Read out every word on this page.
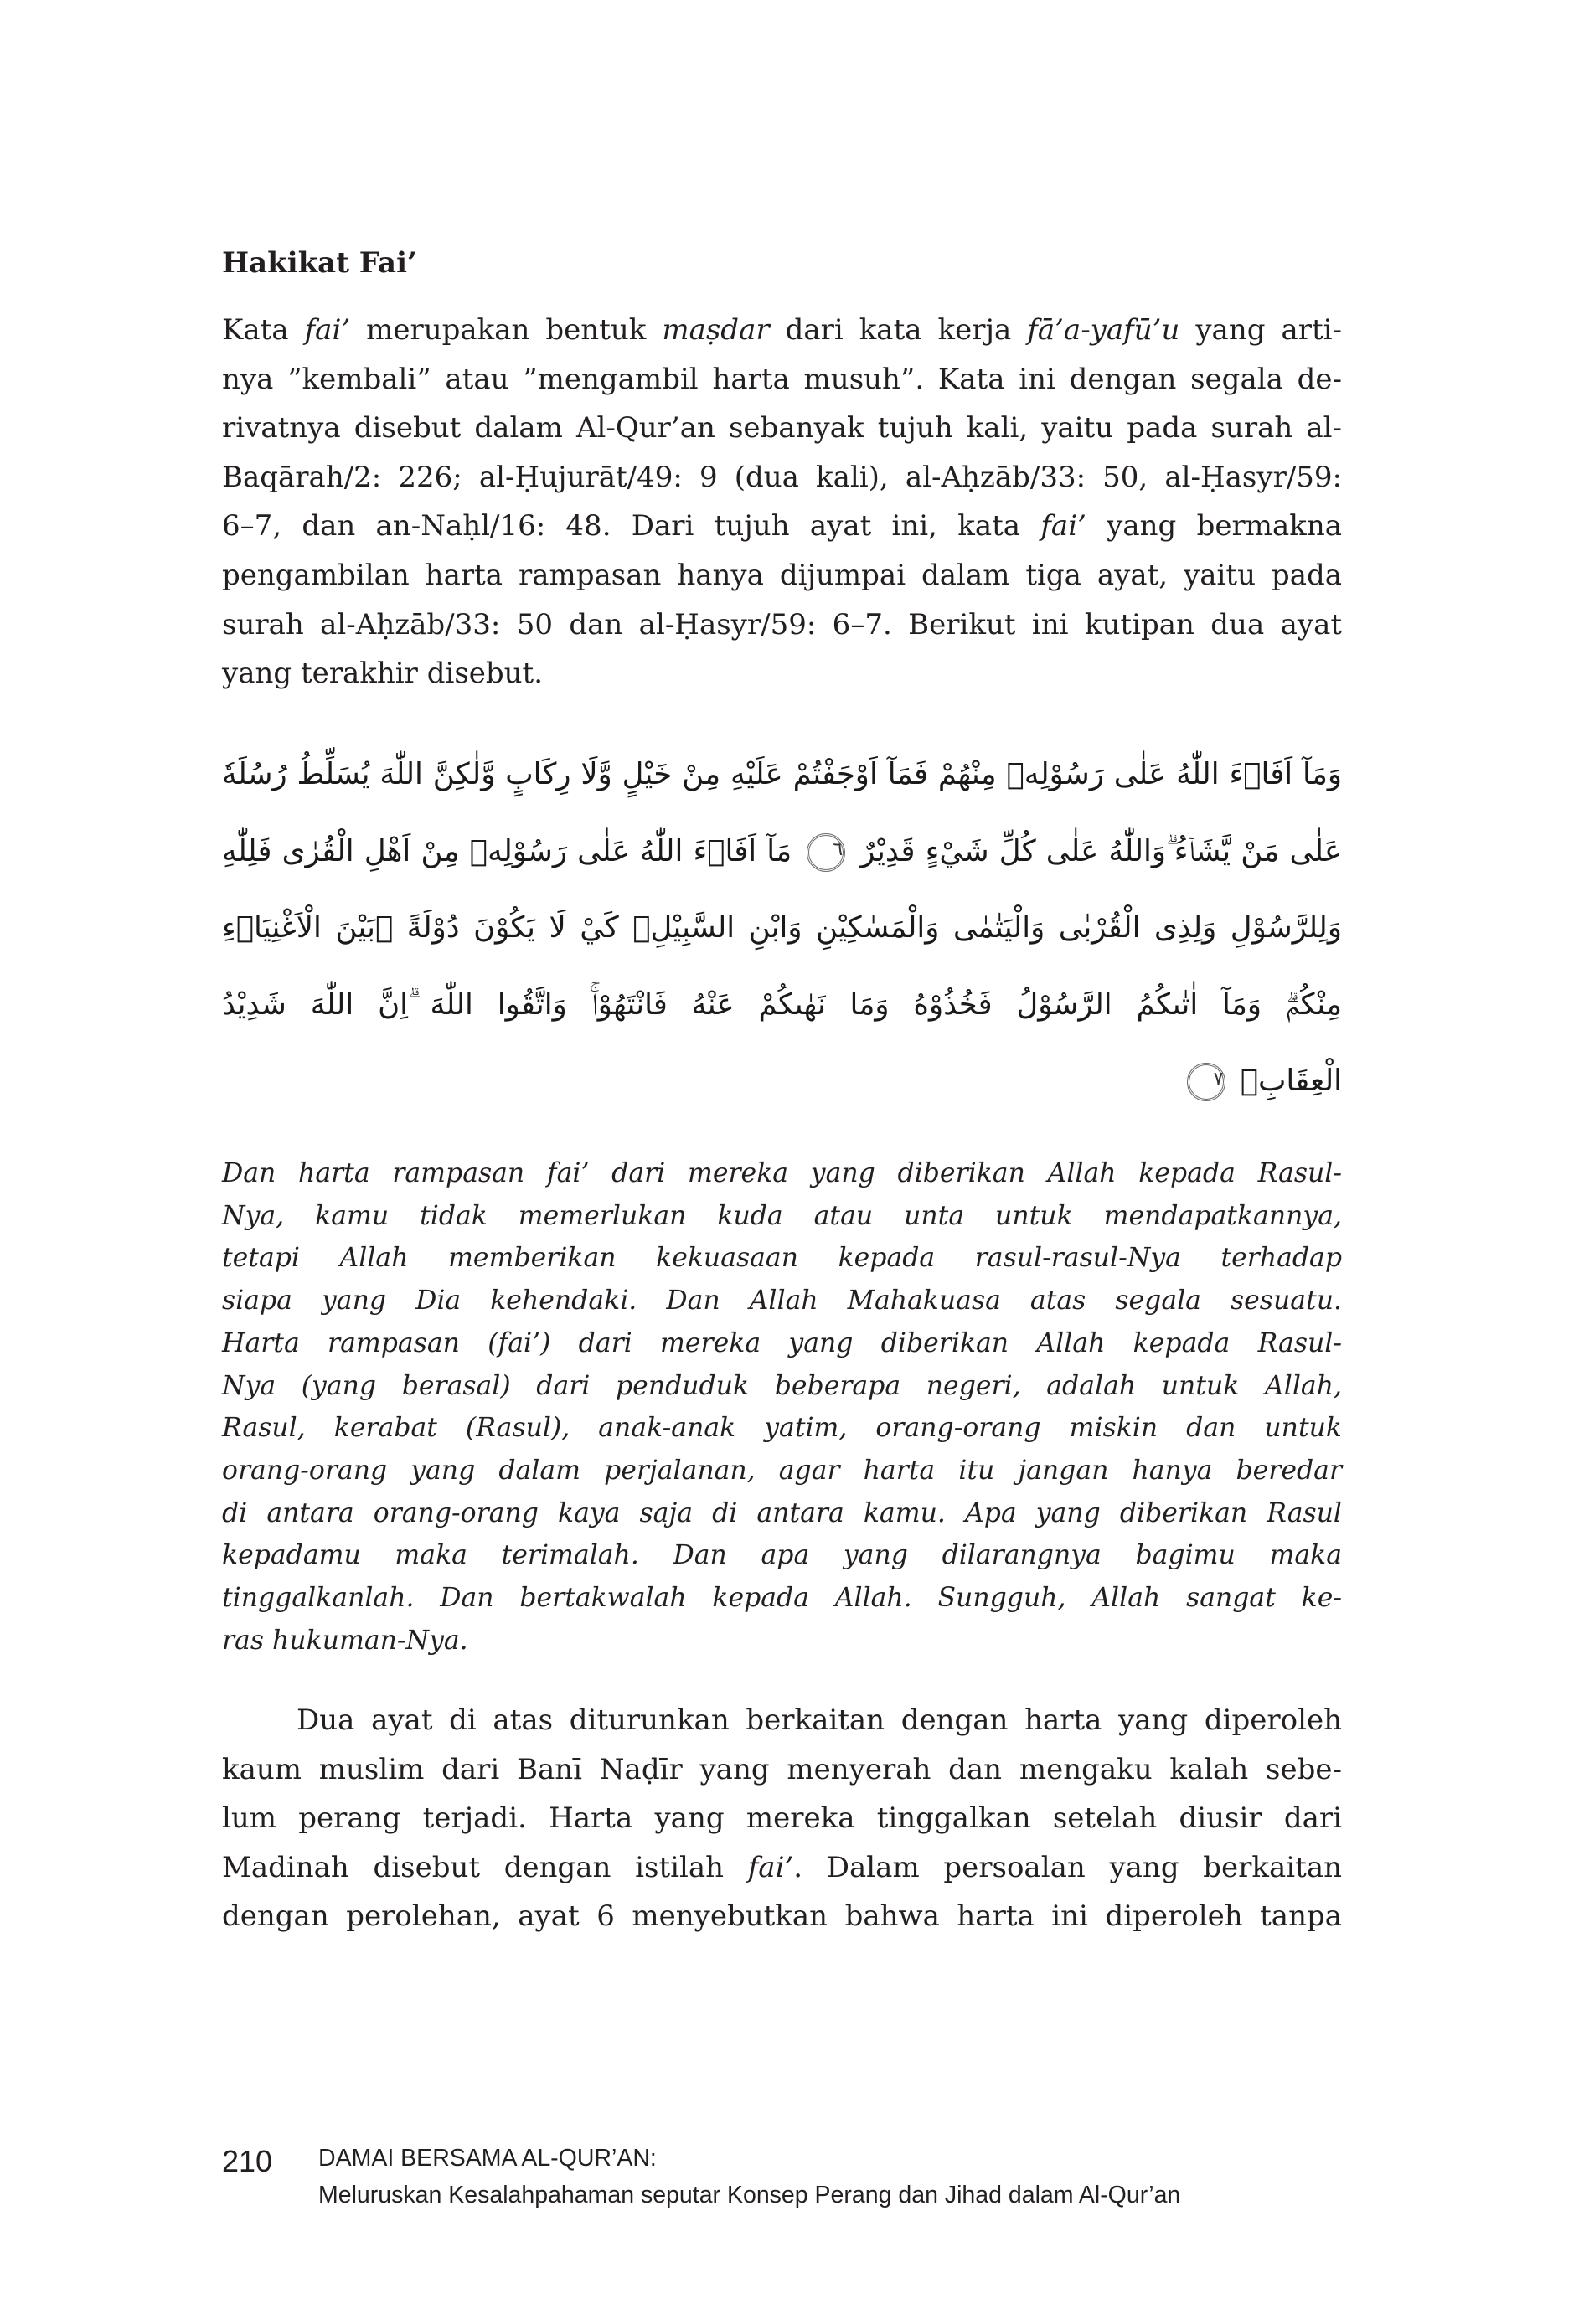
Hakikat Fai’
Kata fai’ merupakan bentuk maṣdar dari kata kerja fā’a-yafū’u yang arti-
nya ”kembali” atau ”mengambil harta musuh”. Kata ini dengan segala de-
rivatnya disebut dalam Al-Qur’an sebanyak tujuh kali, yaitu pada surah al-
Baqārah/2: 226; al-Ḥujurāt/49: 9 (dua kali), al-Aḥzāb/33: 50, al-Ḥasyr/59:
6–7, dan an-Naḥl/16: 48. Dari tujuh ayat ini, kata fai’ yang bermakna
pengambilan harta rampasan hanya dijumpai dalam tiga ayat, yaitu pada
surah al-Aḥzāb/33: 50 dan al-Ḥasyr/59: 6–7. Berikut ini kutipan dua ayat
yang terakhir disebut.
وَمَآ اَفَاۤءَ اللّٰهُ عَلٰى رَسُوْلِهٖ مِنْهُمْ فَمَآ اَوْجَفْتُمْ عَلَيْهِ مِنْ خَيْلٍ وَّلَا رِكَابٍ وَّلٰكِنَّ اللّٰهَ يُسَلِّطُ رُسُلَهٗ
عَلٰى مَنْ يَّشَاۤءُ ۗوَاللّٰهُ عَلٰى كُلِّ شَيْءٍ قَدِيْرٌ ٦ مَآ اَفَاۤءَ اللّٰهُ عَلٰى رَسُوْلِهٖ مِنْ اَهْلِ الْقُرٰى فَلِلّٰهِ
وَلِلرَّسُوْلِ وَلِذِى الْقُرْبٰى وَالْيَتٰمٰى وَالْمَسٰكِيْنِ وَابْنِ السَّبِيْلِۙ كَيْ لَا يَكُوْنَ دُوْلَةً ۢبَيْنَ الْاَغْنِيَاۤءِ
مِنْكُمْۗ وَمَآ اٰتٰىكُمُ الرَّسُوْلُ فَخُذُوْهُ وَمَا نَهٰىكُمْ عَنْهُ فَانْتَهُوْاۚ وَاتَّقُوا اللّٰهَ ۗاِنَّ اللّٰهَ شَدِيْدُ
الْعِقَابِۘ ٧
Dan harta rampasan fai’ dari mereka yang diberikan Allah kepada Rasul-
Nya, kamu tidak memerlukan kuda atau unta untuk mendapatkannya,
tetapi Allah memberikan kekuasaan kepada rasul-rasul-Nya terhadap
siapa yang Dia kehendaki. Dan Allah Mahakuasa atas segala sesuatu.
Harta rampasan (fai’) dari mereka yang diberikan Allah kepada Rasul-
Nya (yang berasal) dari penduduk beberapa negeri, adalah untuk Allah,
Rasul, kerabat (Rasul), anak-anak yatim, orang-orang miskin dan untuk
orang-orang yang dalam perjalanan, agar harta itu jangan hanya beredar
di antara orang-orang kaya saja di antara kamu. Apa yang diberikan Rasul
kepadamu maka terimalah. Dan apa yang dilarangnya bagimu maka
tinggalkanlah. Dan bertakwalah kepada Allah. Sungguh, Allah sangat ke-
ras hukuman-Nya.
Dua ayat di atas diturunkan berkaitan dengan harta yang diperoleh
kaum muslim dari Banī Naḍīr yang menyerah dan mengaku kalah sebe-
lum perang terjadi. Harta yang mereka tinggalkan setelah diusir dari
Madinah disebut dengan istilah fai’. Dalam persoalan yang berkaitan
dengan perolehan, ayat 6 menyebutkan bahwa harta ini diperoleh tanpa
210 DAMAI BERSAMA AL-QUR’AN:
Meluruskan Kesalahpahaman seputar Konsep Perang dan Jihad dalam Al-Qur’an
